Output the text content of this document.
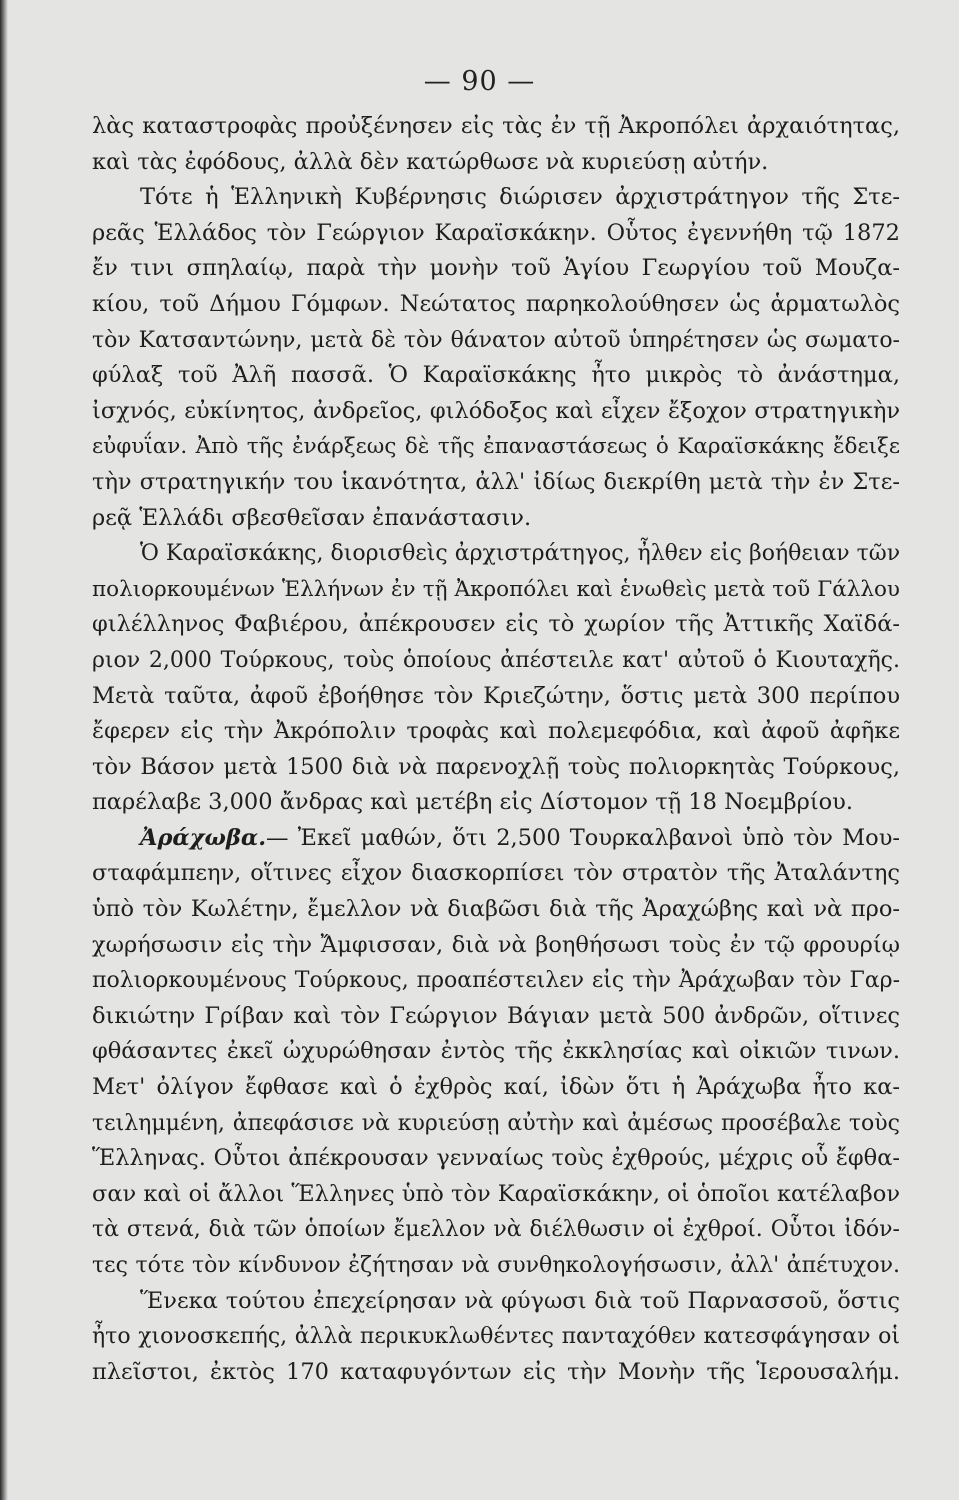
— 90 —
λὰς καταστροφὰς προὐξένησεν εἰς τὰς ἐν τῇ Ἀκροπόλει ἀρχαιότητας,
καὶ τὰς ἐφόδους, ἀλλὰ δὲν κατώρθωσε νὰ κυριεύσῃ αὐτήν.
Τότε ἡ Ἑλληνικὴ Κυβέρνησις διώρισεν ἀρχιστράτηγον τῆς Στε-
ρεᾶς Ἑλλάδος τὸν Γεώργιον Καραϊσκάκην. Οὗτος ἐγεννήθη τῷ 1872
ἔν τινι σπηλαίῳ, παρὰ τὴν μονὴν τοῦ Ἁγίου Γεωργίου τοῦ Μουζα-
κίου, τοῦ Δήμου Γόμφων. Νεώτατος παρηκολούθησεν ὡς ἁρματωλὸς
τὸν Κατσαντώνην, μετὰ δὲ τὸν θάνατον αὐτοῦ ὑπηρέτησεν ὡς σωματο-
φύλαξ τοῦ Ἀλῆ πασσᾶ. Ὁ Καραϊσκάκης ἦτο μικρὸς τὸ ἀνάστημα,
ἰσχνός, εὐκίνητος, ἀνδρεῖος, φιλόδοξος καὶ εἶχεν ἔξοχον στρατηγικὴν
εὐφυΐαν. Ἀπὸ τῆς ἐνάρξεως δὲ τῆς ἐπαναστάσεως ὁ Καραϊσκάκης ἔδειξε
τὴν στρατηγικήν του ἱκανότητα, ἀλλ' ἰδίως διεκρίθη μετὰ τὴν ἐν Στε-
ρεᾷ Ἑλλάδι σβεσθεῖσαν ἐπανάστασιν.
Ὁ Καραϊσκάκης, διορισθεὶς ἀρχιστράτηγος, ἦλθεν εἰς βοήθειαν τῶν
πολιορκουμένων Ἑλλήνων ἐν τῇ Ἀκροπόλει καὶ ἑνωθεὶς μετὰ τοῦ Γάλλου
φιλέλληνος Φαβιέρου, ἀπέκρουσεν εἰς τὸ χωρίον τῆς Ἀττικῆς Χαϊδά-
ριον 2,000 Τούρκους, τοὺς ὁποίους ἀπέστειλε κατ' αὐτοῦ ὁ Κιουταχῆς.
Μετὰ ταῦτα, ἀφοῦ ἐβοήθησε τὸν Κριεζώτην, ὅστις μετὰ 300 περίπου
ἔφερεν εἰς τὴν Ἀκρόπολιν τροφὰς καὶ πολεμεφόδια, καὶ ἀφοῦ ἀφῆκε
τὸν Βάσον μετὰ 1500 διὰ νὰ παρενοχλῇ τοὺς πολιορκητὰς Τούρκους,
παρέλαβε 3,000 ἄνδρας καὶ μετέβη εἰς Δίστομον τῇ 18 Νοεμβρίου.
Ἀράχωβα.— Ἐκεῖ μαθών, ὅτι 2,500 Τουρκαλβανοὶ ὑπὸ τὸν Μου-
σταφάμπεην, οἵτινες εἶχον διασκορπίσει τὸν στρατὸν τῆς Ἀταλάντης
ὑπὸ τὸν Κωλέτην, ἔμελλον νὰ διαβῶσι διὰ τῆς Ἀραχώβης καὶ νὰ προ-
χωρήσωσιν εἰς τὴν Ἄμφισσαν, διὰ νὰ βοηθήσωσι τοὺς ἐν τῷ φρουρίῳ
πολιορκουμένους Τούρκους, προαπέστειλεν εἰς τὴν Ἀράχωβαν τὸν Γαρ-
δικιώτην Γρίβαν καὶ τὸν Γεώργιον Βάγιαν μετὰ 500 ἀνδρῶν, οἵτινες
φθάσαντες ἐκεῖ ὠχυρώθησαν ἐντὸς τῆς ἐκκλησίας καὶ οἰκιῶν τινων.
Μετ' ὀλίγον ἔφθασε καὶ ὁ ἐχθρὸς καί, ἰδὼν ὅτι ἡ Ἀράχωβα ἦτο κα-
τειλημμένη, ἀπεφάσισε νὰ κυριεύσῃ αὐτὴν καὶ ἀμέσως προσέβαλε τοὺς
Ἕλληνας. Οὗτοι ἀπέκρουσαν γενναίως τοὺς ἐχθρούς, μέχρις οὗ ἔφθα-
σαν καὶ οἱ ἄλλοι Ἕλληνες ὑπὸ τὸν Καραϊσκάκην, οἱ ὁποῖοι κατέλαβον
τὰ στενά, διὰ τῶν ὁποίων ἔμελλον νὰ διέλθωσιν οἱ ἐχθροί. Οὗτοι ἰδόν-
τες τότε τὸν κίνδυνον ἐζήτησαν νὰ συνθηκολογήσωσιν, ἀλλ' ἀπέτυχον.
Ἕνεκα τούτου ἐπεχείρησαν νὰ φύγωσι διὰ τοῦ Παρνασσοῦ, ὅστις
ἦτο χιονοσκεπής, ἀλλὰ περικυκλωθέντες πανταχόθεν κατεσφάγησαν οἱ
πλεῖστοι, ἐκτὸς 170 καταφυγόντων εἰς τὴν Μονὴν τῆς Ἱερουσαλήμ.
